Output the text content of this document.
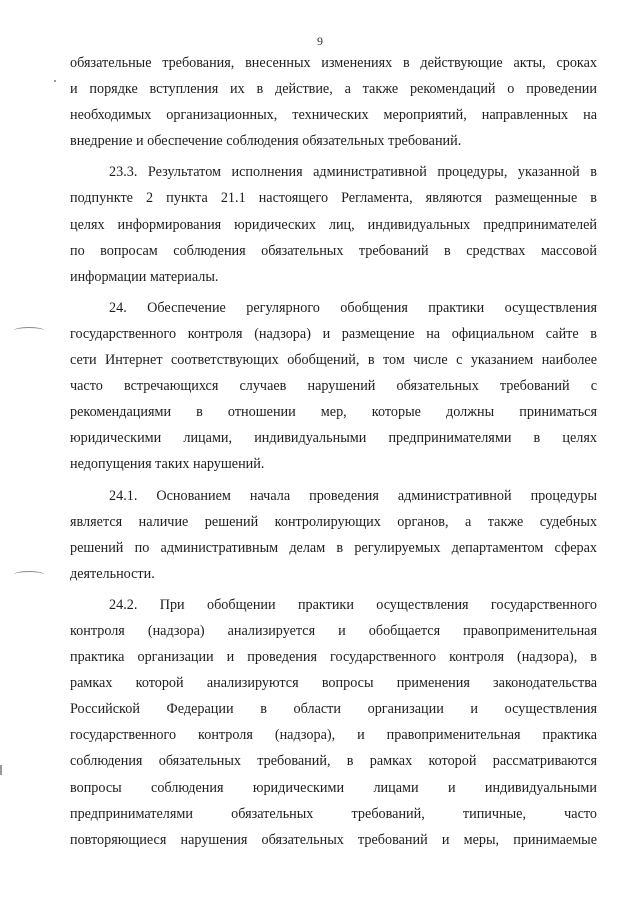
9
обязательные требования, внесенных изменениях в действующие акты, сроках
и порядке вступления их в действие, а также рекомендаций о проведении
необходимых организационных, технических мероприятий, направленных на
внедрение и обеспечение соблюдения обязательных требований.
23.3. Результатом исполнения административной процедуры, указанной в
подпункте 2 пункта 21.1 настоящего Регламента, являются размещенные в
целях информирования юридических лиц, индивидуальных предпринимателей
по вопросам соблюдения обязательных требований в средствах массовой
информации материалы.
24. Обеспечение регулярного обобщения практики осуществления
государственного контроля (надзора) и размещение на официальном сайте в
сети Интернет соответствующих обобщений, в том числе с указанием наиболее
часто встречающихся случаев нарушений обязательных требований с
рекомендациями в отношении мер, которые должны приниматься
юридическими лицами, индивидуальными предпринимателями в целях
недопущения таких нарушений.
24.1. Основанием начала проведения административной процедуры
является наличие решений контролирующих органов, а также судебных
решений по административным делам в регулируемых департаментом сферах
деятельности.
24.2. При обобщении практики осуществления государственного
контроля (надзора) анализируется и обобщается правоприменительная
практика организации и проведения государственного контроля (надзора), в
рамках которой анализируются вопросы применения законодательства
Российской Федерации в области организации и осуществления
государственного контроля (надзора), и правоприменительная практика
соблюдения обязательных требований, в рамках которой рассматриваются
вопросы соблюдения юридическими лицами и индивидуальными
предпринимателями обязательных требований, типичные, часто
повторяющиеся нарушения обязательных требований и меры, принимаемые
